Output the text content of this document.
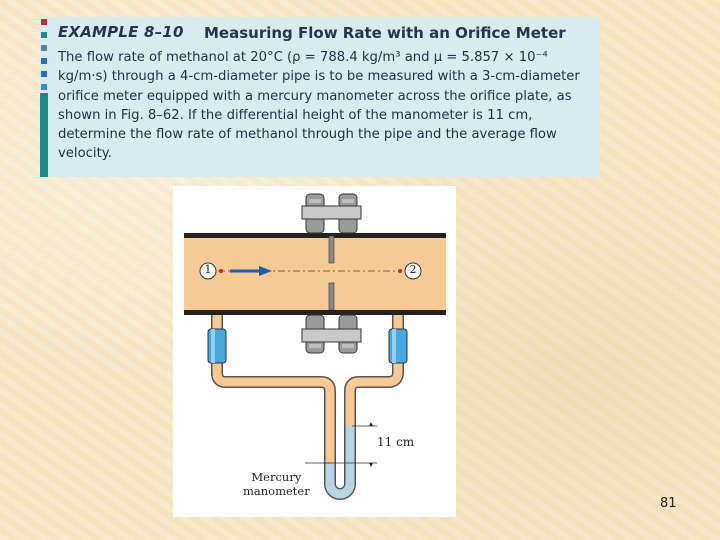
EXAMPLE 8–10 Measuring Flow Rate with an Orifice Meter

The flow rate of methanol at 20°C (ρ = 788.4 kg/m³ and μ = 5.857 × 10⁻⁴ kg/m·s) through a 4-cm-diameter pipe is to be measured with a 3-cm-diameter orifice meter equipped with a mercury manometer across the orifice plate, as shown in Fig. 8–62. If the differential height of the manometer is 11 cm, determine the flow rate of methanol through the pipe and the average flow velocity.

1	2
11 cm
Mercury
manometer
81
